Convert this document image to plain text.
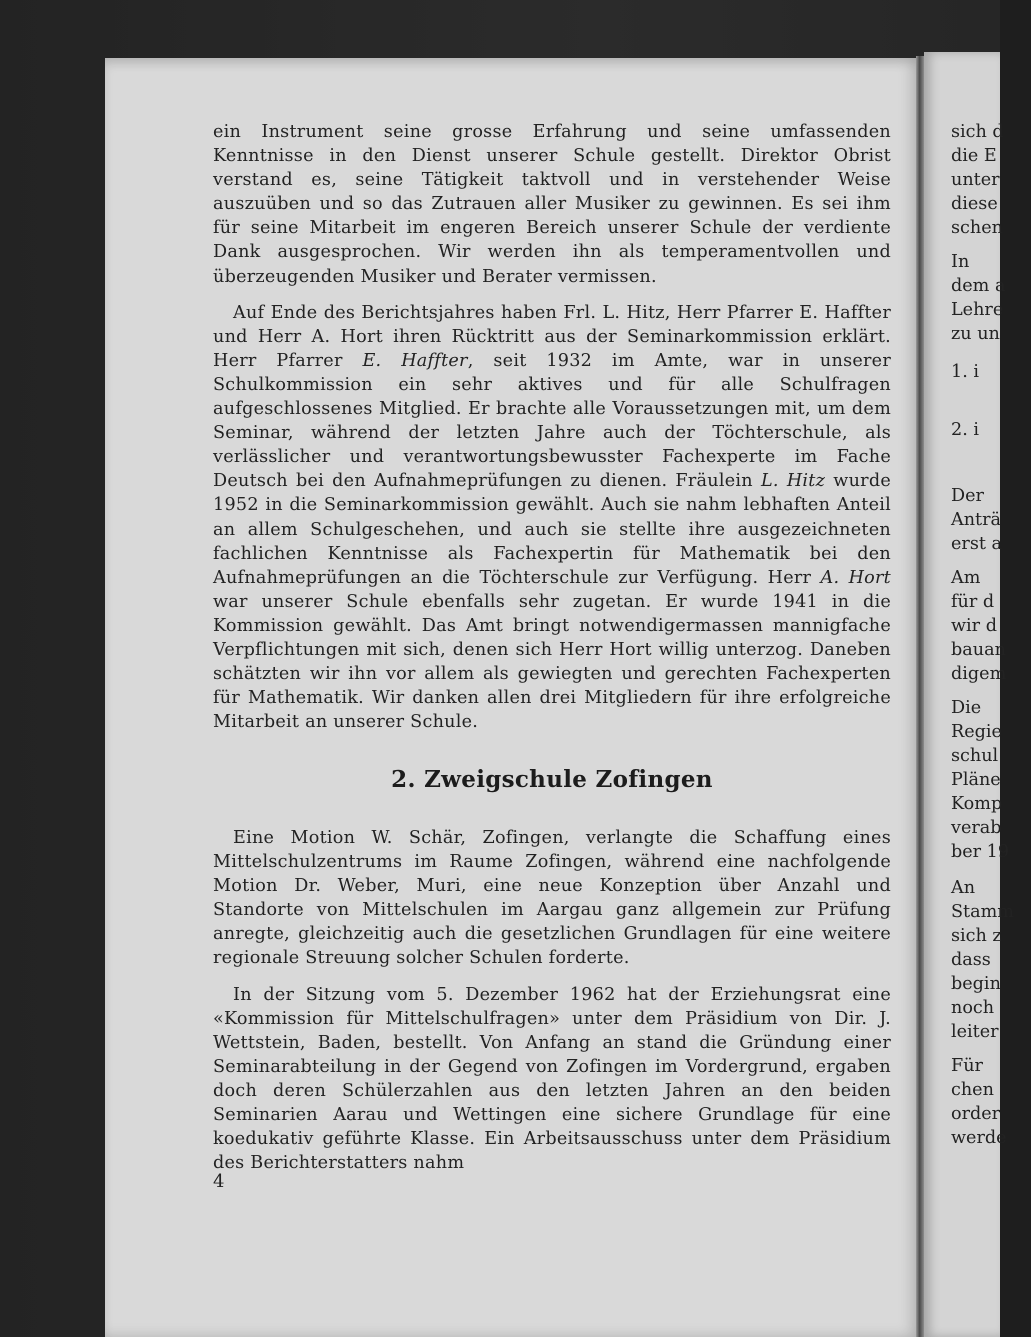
ein Instrument seine grosse Erfahrung und seine umfassenden Kenntnisse in den Dienst unserer Schule gestellt. Direktor Obrist verstand es, seine Tätigkeit taktvoll und in verstehender Weise auszuüben und so das Zutrauen aller Musiker zu gewinnen. Es sei ihm für seine Mitarbeit im engeren Bereich unserer Schule der verdiente Dank ausgesprochen. Wir werden ihn als temperamentvollen und überzeugenden Musiker und Berater vermissen.

Auf Ende des Berichtsjahres haben Frl. L. Hitz, Herr Pfarrer E. Haffter und Herr A. Hort ihren Rücktritt aus der Seminarkommission erklärt. Herr Pfarrer E. Haffter, seit 1932 im Amte, war in unserer Schulkommission ein sehr aktives und für alle Schulfragen aufgeschlossenes Mitglied. Er brachte alle Voraussetzungen mit, um dem Seminar, während der letzten Jahre auch der Töchterschule, als verlässlicher und verantwortungsbewusster Fachexperte im Fache Deutsch bei den Aufnahmeprüfungen zu dienen. Fräulein L. Hitz wurde 1952 in die Seminarkommission gewählt. Auch sie nahm lebhaften Anteil an allem Schulgeschehen, und auch sie stellte ihre ausgezeichneten fachlichen Kenntnisse als Fachexpertin für Mathematik bei den Aufnahmeprüfungen an die Töchterschule zur Verfügung. Herr A. Hort war unserer Schule ebenfalls sehr zugetan. Er wurde 1941 in die Kommission gewählt. Das Amt bringt notwendigermassen mannigfache Verpflichtungen mit sich, denen sich Herr Hort willig unterzog. Daneben schätzten wir ihn vor allem als gewiegten und gerechten Fachexperten für Mathematik. Wir danken allen drei Mitgliedern für ihre erfolgreiche Mitarbeit an unserer Schule.

2. Zweigschule Zofingen

Eine Motion W. Schär, Zofingen, verlangte die Schaffung eines Mittelschulzentrums im Raume Zofingen, während eine nachfolgende Motion Dr. Weber, Muri, eine neue Konzeption über Anzahl und Standorte von Mittelschulen im Aargau ganz allgemein zur Prüfung anregte, gleichzeitig auch die gesetzlichen Grundlagen für eine weitere regionale Streuung solcher Schulen forderte.

In der Sitzung vom 5. Dezember 1962 hat der Erziehungsrat eine «Kommission für Mittelschulfragen» unter dem Präsidium von Dir. J. Wettstein, Baden, bestellt. Von Anfang an stand die Gründung einer Seminarabteilung in der Gegend von Zofingen im Vordergrund, ergaben doch deren Schülerzahlen aus den letzten Jahren an den beiden Seminarien Aarau und Wettingen eine sichere Grundlage für eine koedukativ geführte Klasse. Ein Arbeitsausschuss unter dem Präsidium des Berichterstatters nahm

4
sich d
die E
unter
diese
schen
In
dem a
Lehre
zu un
1. i
2. i
Der
Anträ
erst a
Am
für d
wir d
bauan
digem
Die
Regie
schul
Pläne
Komp
verab
ber 19
An
Stamm
sich z
dass
begin
noch
leiter
Für
chen
order
werde
